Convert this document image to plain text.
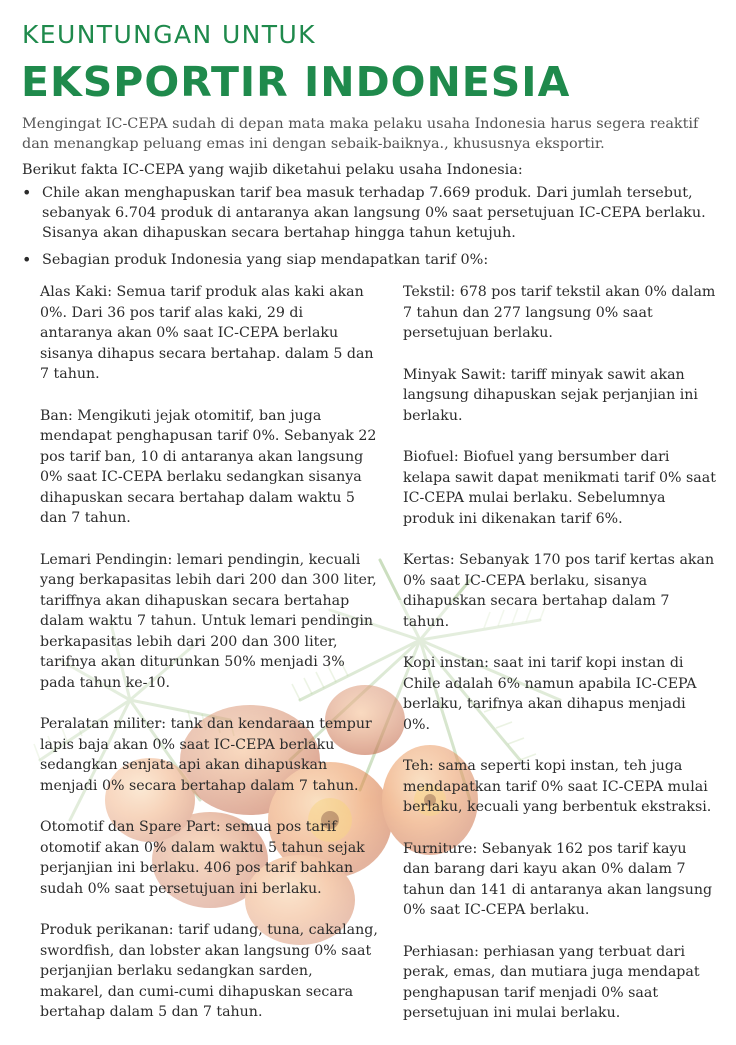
KEUNTUNGAN UNTUK
EKSPORTIR INDONESIA

Mengingat IC-CEPA sudah di depan mata maka pelaku usaha Indonesia harus segera reaktif dan menangkap peluang emas ini dengan sebaik-baiknya., khususnya eksportir.

Berikut fakta IC-CEPA yang wajib diketahui pelaku usaha Indonesia:

• Chile akan menghapuskan tarif bea masuk terhadap 7.669 produk. Dari jumlah tersebut, sebanyak 6.704 produk di antaranya akan langsung 0% saat persetujuan IC-CEPA berlaku. Sisanya akan dihapuskan secara bertahap hingga tahun ketujuh.

• Sebagian produk Indonesia yang siap mendapatkan tarif 0%:

Alas Kaki: Semua tarif produk alas kaki akan 0%. Dari 36 pos tarif alas kaki, 29 di antaranya akan 0% saat IC-CEPA berlaku sisanya dihapus secara bertahap. dalam 5 dan 7 tahun.

Ban: Mengikuti jejak otomitif, ban juga mendapat penghapusan tarif 0%. Sebanyak 22 pos tarif ban, 10 di antaranya akan langsung 0% saat IC-CEPA berlaku sedangkan sisanya dihapuskan secara bertahap dalam waktu 5 dan 7 tahun.

Lemari Pendingin: lemari pendingin, kecuali yang berkapasitas lebih dari 200 dan 300 liter, tariffnya akan dihapuskan secara bertahap dalam waktu 7 tahun. Untuk lemari pendingin berkapasitas lebih dari 200 dan 300 liter, tarifnya akan diturunkan 50% menjadi 3% pada tahun ke-10.

Peralatan militer: tank dan kendaraan tempur lapis baja akan 0% saat IC-CEPA berlaku sedangkan senjata api akan dihapuskan menjadi 0% secara bertahap dalam 7 tahun.

Otomotif dan Spare Part: semua pos tarif otomotif akan 0% dalam waktu 5 tahun sejak perjanjian ini berlaku. 406 pos tarif bahkan sudah 0% saat persetujuan ini berlaku.

Produk perikanan: tarif udang, tuna, cakalang, swordfish, dan lobster akan langsung 0% saat perjanjian berlaku sedangkan sarden, makarel, dan cumi-cumi dihapuskan secara bertahap dalam 5 dan 7 tahun.

Tekstil: 678 pos tarif tekstil akan 0% dalam 7 tahun dan 277 langsung 0% saat persetujuan berlaku.

Minyak Sawit: tariff minyak sawit akan langsung dihapuskan sejak perjanjian ini berlaku.

Biofuel: Biofuel yang bersumber dari kelapa sawit dapat menikmati tarif 0% saat IC-CEPA mulai berlaku. Sebelumnya produk ini dikenakan tarif 6%.

Kertas: Sebanyak 170 pos tarif kertas akan 0% saat IC-CEPA berlaku, sisanya dihapuskan secara bertahap dalam 7 tahun.

Kopi instan: saat ini tarif kopi instan di Chile adalah 6% namun apabila IC-CEPA berlaku, tarifnya akan dihapus menjadi 0%.

Teh: sama seperti kopi instan, teh juga mendapatkan tarif 0% saat IC-CEPA mulai berlaku, kecuali yang berbentuk ekstraksi.

Furniture: Sebanyak 162 pos tarif kayu dan barang dari kayu akan 0% dalam 7 tahun dan 141 di antaranya akan langsung 0% saat IC-CEPA berlaku.

Perhiasan: perhiasan yang terbuat dari perak, emas, dan mutiara juga mendapat penghapusan tarif menjadi 0% saat persetujuan ini mulai berlaku.
